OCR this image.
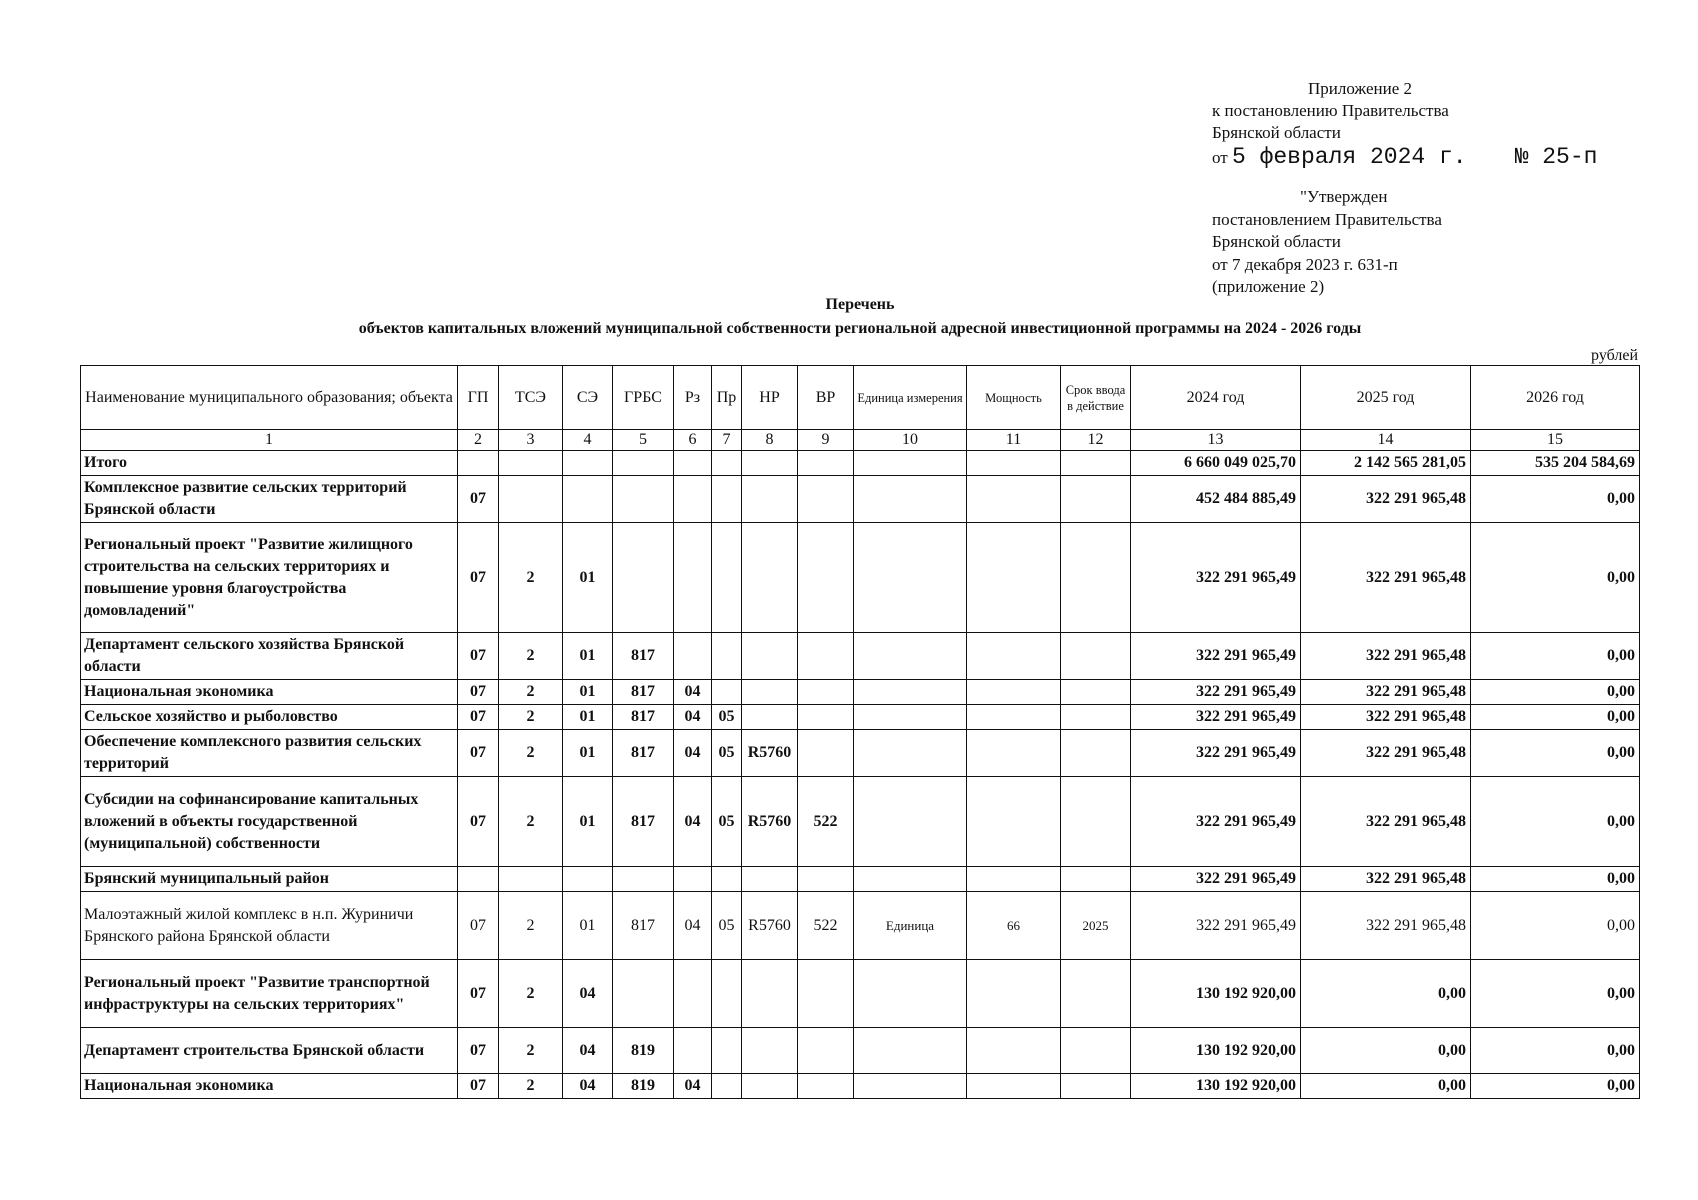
Приложение 2
к постановлению Правительства
Брянской области
от
5 февраля 2024 г. № 25-п
"Утвержден
постановлением Правительства
Брянской области
от 7 декабря 2023 г. 631-п
(приложение 2)
Перечень
объектов капитальных вложений муниципальной собственности региональной адресной инвестиционной программы на 2024 - 2026 годы
рублей
Наименование муниципального образования; объекта	ГП	ТСЭ	СЭ	ГРБС	Рз	Пр	НР	ВР	Единица измерения	Мощность	Срок ввода в действие	2024 год	2025 год	2026 год
1	2	3	4	5	6	7	8	9	10	11	12	13	14	15
Итого												6 660 049 025,70	2 142 565 281,05	535 204 584,69
Комплексное развитие сельских территорий Брянской области	07											452 484 885,49	322 291 965,48	0,00
Региональный проект "Развитие жилищного строительства на сельских территориях и повышение уровня благоустройства домовладений"	07	2	01									322 291 965,49	322 291 965,48	0,00
Департамент сельского хозяйства Брянской области	07	2	01	817								322 291 965,49	322 291 965,48	0,00
Национальная экономика	07	2	01	817	04							322 291 965,49	322 291 965,48	0,00
Сельское хозяйство и рыболовство	07	2	01	817	04	05						322 291 965,49	322 291 965,48	0,00
Обеспечение комплексного развития сельских территорий	07	2	01	817	04	05	R5760					322 291 965,49	322 291 965,48	0,00
Субсидии на софинансирование капитальных вложений в объекты государственной (муниципальной) собственности	07	2	01	817	04	05	R5760	522				322 291 965,49	322 291 965,48	0,00
Брянский муниципальный район												322 291 965,49	322 291 965,48	0,00
Малоэтажный жилой комплекс в н.п. Журиничи Брянского района Брянской области	07	2	01	817	04	05	R5760	522	Единица	66	2025	322 291 965,49	322 291 965,48	0,00
Региональный проект "Развитие транспортной инфраструктуры на сельских территориях"	07	2	04									130 192 920,00	0,00	0,00
Департамент строительства Брянской области	07	2	04	819								130 192 920,00	0,00	0,00
Национальная экономика	07	2	04	819	04							130 192 920,00	0,00	0,00
